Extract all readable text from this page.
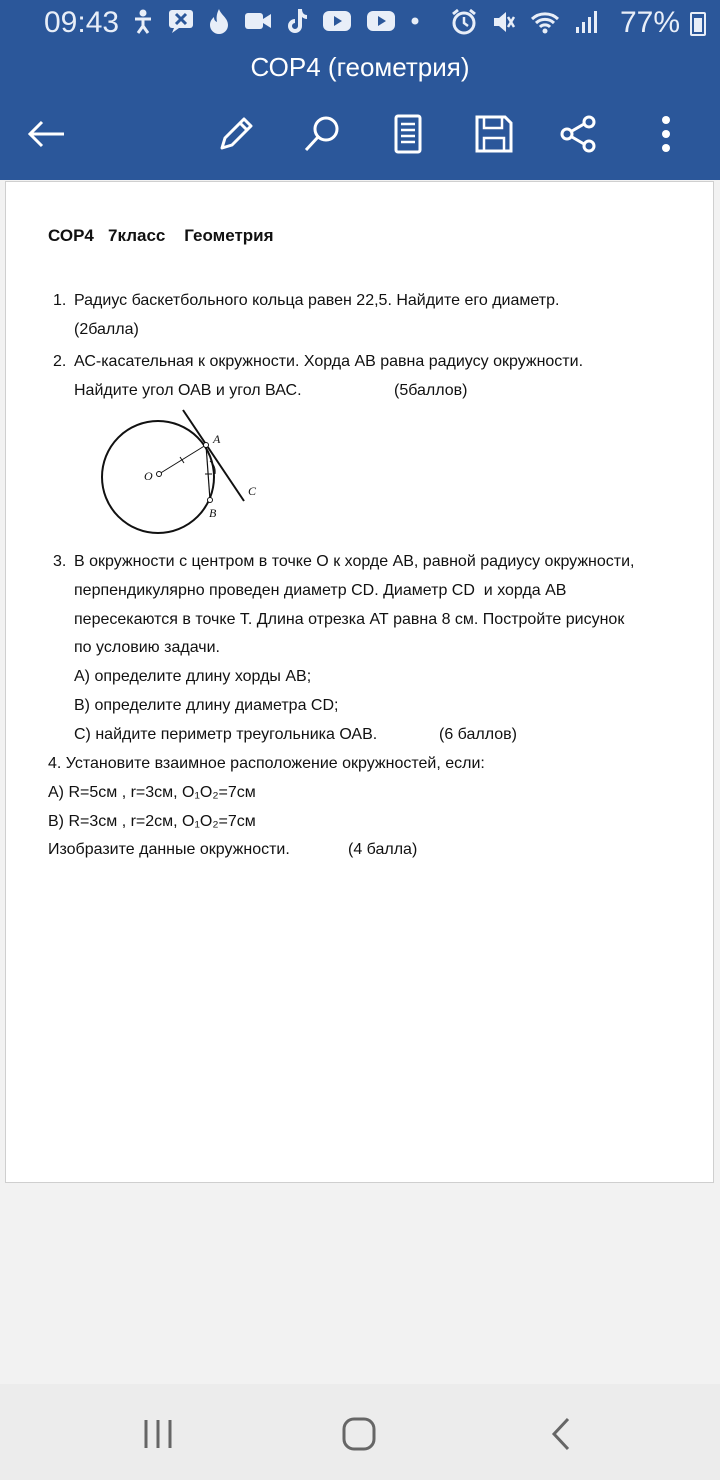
09:43	77%
СОР4 (геометрия)
СОР4   7класс    Геометрия
1. Радиус баскетбольного кольца равен 22,5. Найдите его диаметр.
(2балла)
2. АС-касательная к окружности. Хорда АВ равна радиусу окружности.
Найдите угол ОАВ и угол ВАС.	(5баллов)
O
A
B
C
3. В окружности с центром в точке О к хорде АВ, равной радиусу окружности,
перпендикулярно проведен диаметр CD. Диаметр CD  и хорда АВ
пересекаются в точке Т. Длина отрезка АТ равна 8 см. Постройте рисунок
по условию задачи.
А) определите длину хорды АВ;
В) определите длину диаметра CD;
С) найдите периметр треугольника ОАВ.	(6 баллов)
4. Установите взаимное расположение окружностей, если:
А) R=5см , r=3см, O₁O₂=7см
В) R=3см , r=2см, O₁O₂=7см
Изобразите данные окружности.	(4 балла)
